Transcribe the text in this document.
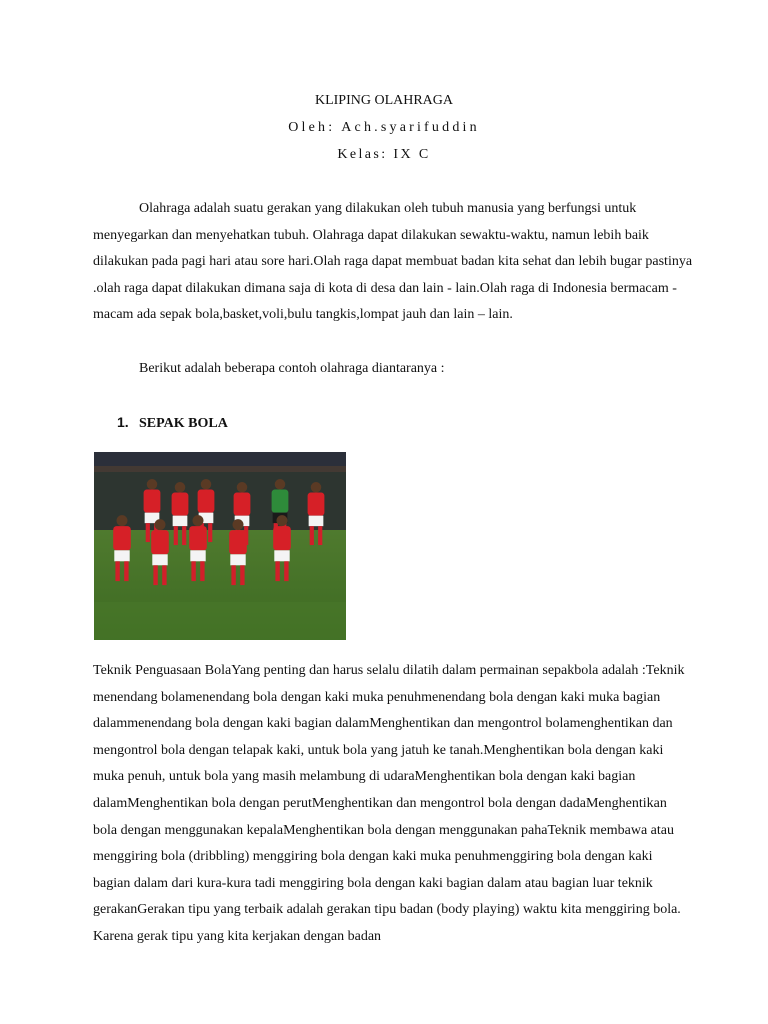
KLIPING OLAHRAGA
Oleh: Ach.syarifuddin
Kelas: IX C

Olahraga adalah suatu gerakan yang dilakukan oleh tubuh manusia yang berfungsi untuk menyegarkan dan menyehatkan tubuh. Olahraga dapat dilakukan sewaktu-waktu, namun lebih baik dilakukan pada pagi hari atau sore hari.Olah raga dapat membuat badan kita sehat dan lebih bugar pastinya .olah raga dapat dilakukan dimana saja di kota di desa dan lain - lain.Olah raga di Indonesia bermacam - macam ada sepak bola,basket,voli,bulu tangkis,lompat jauh dan lain – lain.

Berikut adalah beberapa contoh olahraga diantaranya :

1. SEPAK BOLA

Teknik Penguasaan BolaYang penting dan harus selalu dilatih dalam permainan sepakbola adalah :Teknik menendang bolamenendang bola dengan kaki muka penuhmenendang bola dengan kaki muka bagian dalammenendang bola dengan kaki bagian dalamMenghentikan dan mengontrol bolamenghentikan dan mengontrol bola dengan telapak kaki, untuk bola yang jatuh ke tanah.Menghentikan bola dengan kaki muka penuh, untuk bola yang masih melambung di udaraMenghentikan bola dengan kaki bagian dalamMenghentikan bola dengan perutMenghentikan dan mengontrol bola dengan dadaMenghentikan bola dengan menggunakan kepalaMenghentikan bola dengan menggunakan pahaTeknik membawa atau menggiring bola (dribbling) menggiring bola dengan kaki muka penuhmenggiring bola dengan kaki bagian dalam dari kura-kura tadi menggiring bola dengan kaki bagian dalam atau bagian luar teknik gerakanGerakan tipu yang terbaik adalah gerakan tipu badan (body playing) waktu kita menggiring bola. Karena gerak tipu yang kita kerjakan dengan badan
